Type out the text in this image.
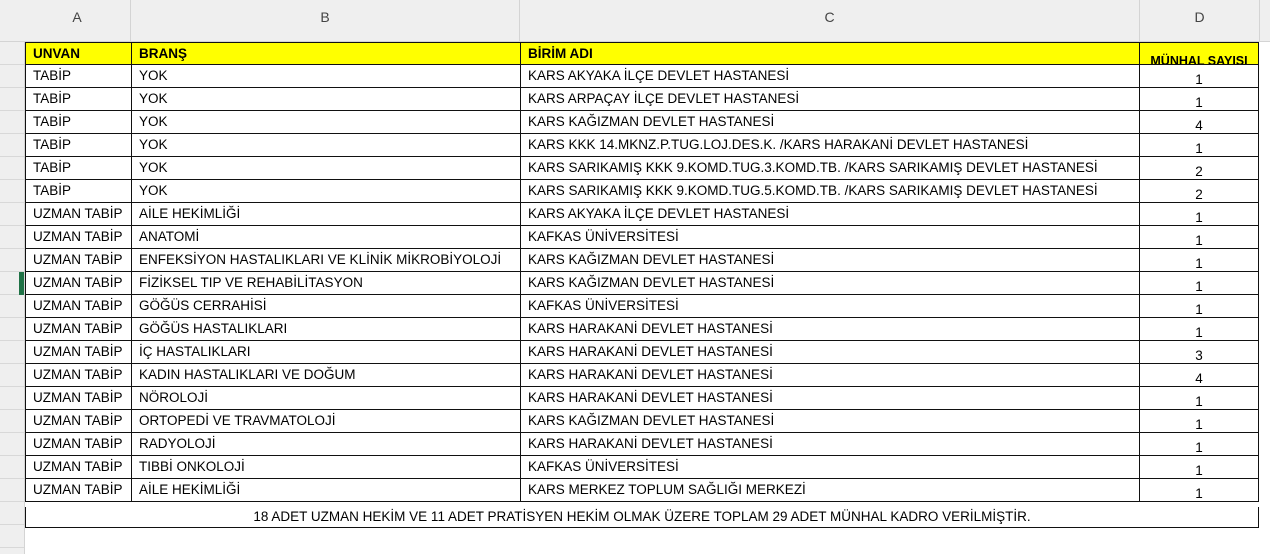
A	B	C	D
UNVAN	BRANŞ	BİRİM ADI	MÜNHAL SAYISI
TABİP	YOK	KARS AKYAKA İLÇE DEVLET HASTANESİ	1
TABİP	YOK	KARS ARPAÇAY İLÇE DEVLET HASTANESİ	1
TABİP	YOK	KARS KAĞIZMAN DEVLET HASTANESİ	4
TABİP	YOK	KARS KKK 14.MKNZ.P.TUG.LOJ.DES.K. /KARS HARAKANİ DEVLET HASTANESİ	1
TABİP	YOK	KARS SARIKAMIŞ KKK 9.KOMD.TUG.3.KOMD.TB. /KARS SARIKAMIŞ DEVLET HASTANESİ	2
TABİP	YOK	KARS SARIKAMIŞ KKK 9.KOMD.TUG.5.KOMD.TB. /KARS SARIKAMIŞ DEVLET HASTANESİ	2
UZMAN TABİP	AİLE HEKİMLİĞİ	KARS AKYAKA İLÇE DEVLET HASTANESİ	1
UZMAN TABİP	ANATOMİ	KAFKAS ÜNİVERSİTESİ	1
UZMAN TABİP	ENFEKSİYON HASTALIKLARI VE KLİNİK MİKROBİYOLOJİ	KARS KAĞIZMAN DEVLET HASTANESİ	1
UZMAN TABİP	FİZİKSEL TIP VE REHABİLİTASYON	KARS KAĞIZMAN DEVLET HASTANESİ	1
UZMAN TABİP	GÖĞÜS CERRAHİSİ	KAFKAS ÜNİVERSİTESİ	1
UZMAN TABİP	GÖĞÜS HASTALIKLARI	KARS HARAKANİ DEVLET HASTANESİ	1
UZMAN TABİP	İÇ HASTALIKLARI	KARS HARAKANİ DEVLET HASTANESİ	3
UZMAN TABİP	KADIN HASTALIKLARI VE DOĞUM	KARS HARAKANİ DEVLET HASTANESİ	4
UZMAN TABİP	NÖROLOJİ	KARS HARAKANİ DEVLET HASTANESİ	1
UZMAN TABİP	ORTOPEDİ VE TRAVMATOLOJİ	KARS KAĞIZMAN DEVLET HASTANESİ	1
UZMAN TABİP	RADYOLOJİ	KARS HARAKANİ DEVLET HASTANESİ	1
UZMAN TABİP	TIBBİ ONKOLOJİ	KAFKAS ÜNİVERSİTESİ	1
UZMAN TABİP	AİLE HEKİMLİĞİ	KARS MERKEZ TOPLUM SAĞLIĞI MERKEZİ	1
18 ADET UZMAN HEKİM VE 11 ADET PRATİSYEN HEKİM OLMAK ÜZERE TOPLAM 29 ADET MÜNHAL KADRO VERİLMİŞTİR.
